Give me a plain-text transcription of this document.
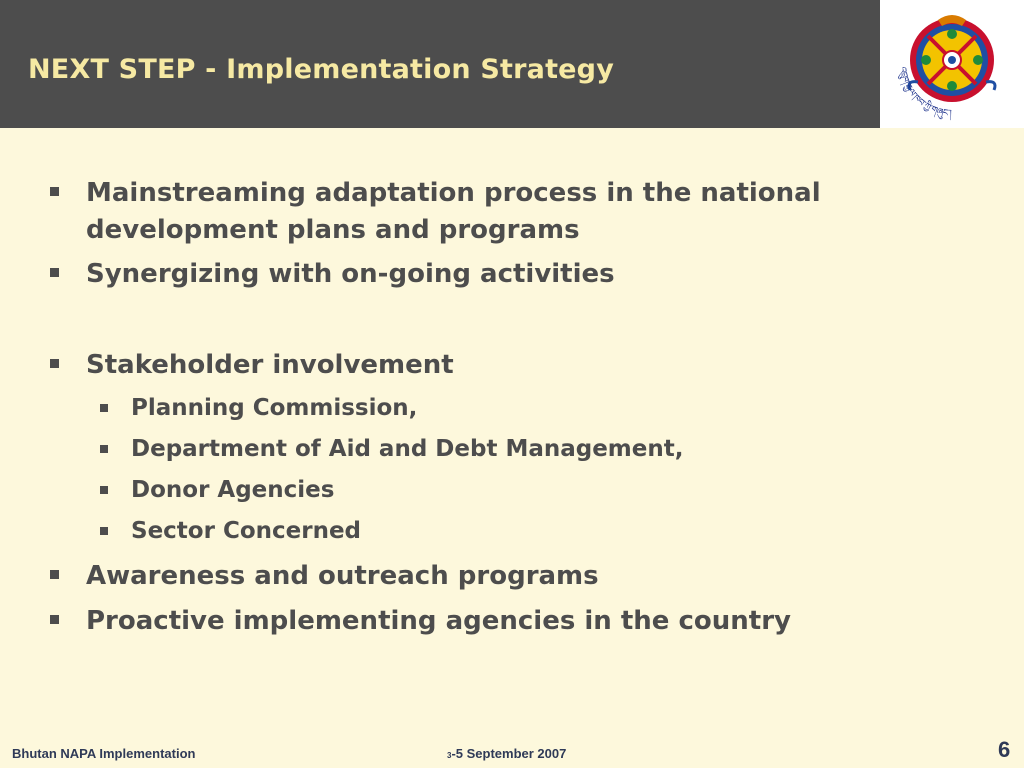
NEXT STEP - Implementation Strategy	འབྲུག་རྒྱལ་ཁབ་ཀྱི་གཞུང་།
Mainstreaming adaptation process in the national development plans and programs
Synergizing with on-going activities
Stakeholder involvement
Planning Commission,
Department of Aid and Debt Management,
Donor Agencies
Sector Concerned
Awareness and outreach programs
Proactive implementing agencies in the country
Bhutan NAPA Implementation	3-5 September 2007	6
